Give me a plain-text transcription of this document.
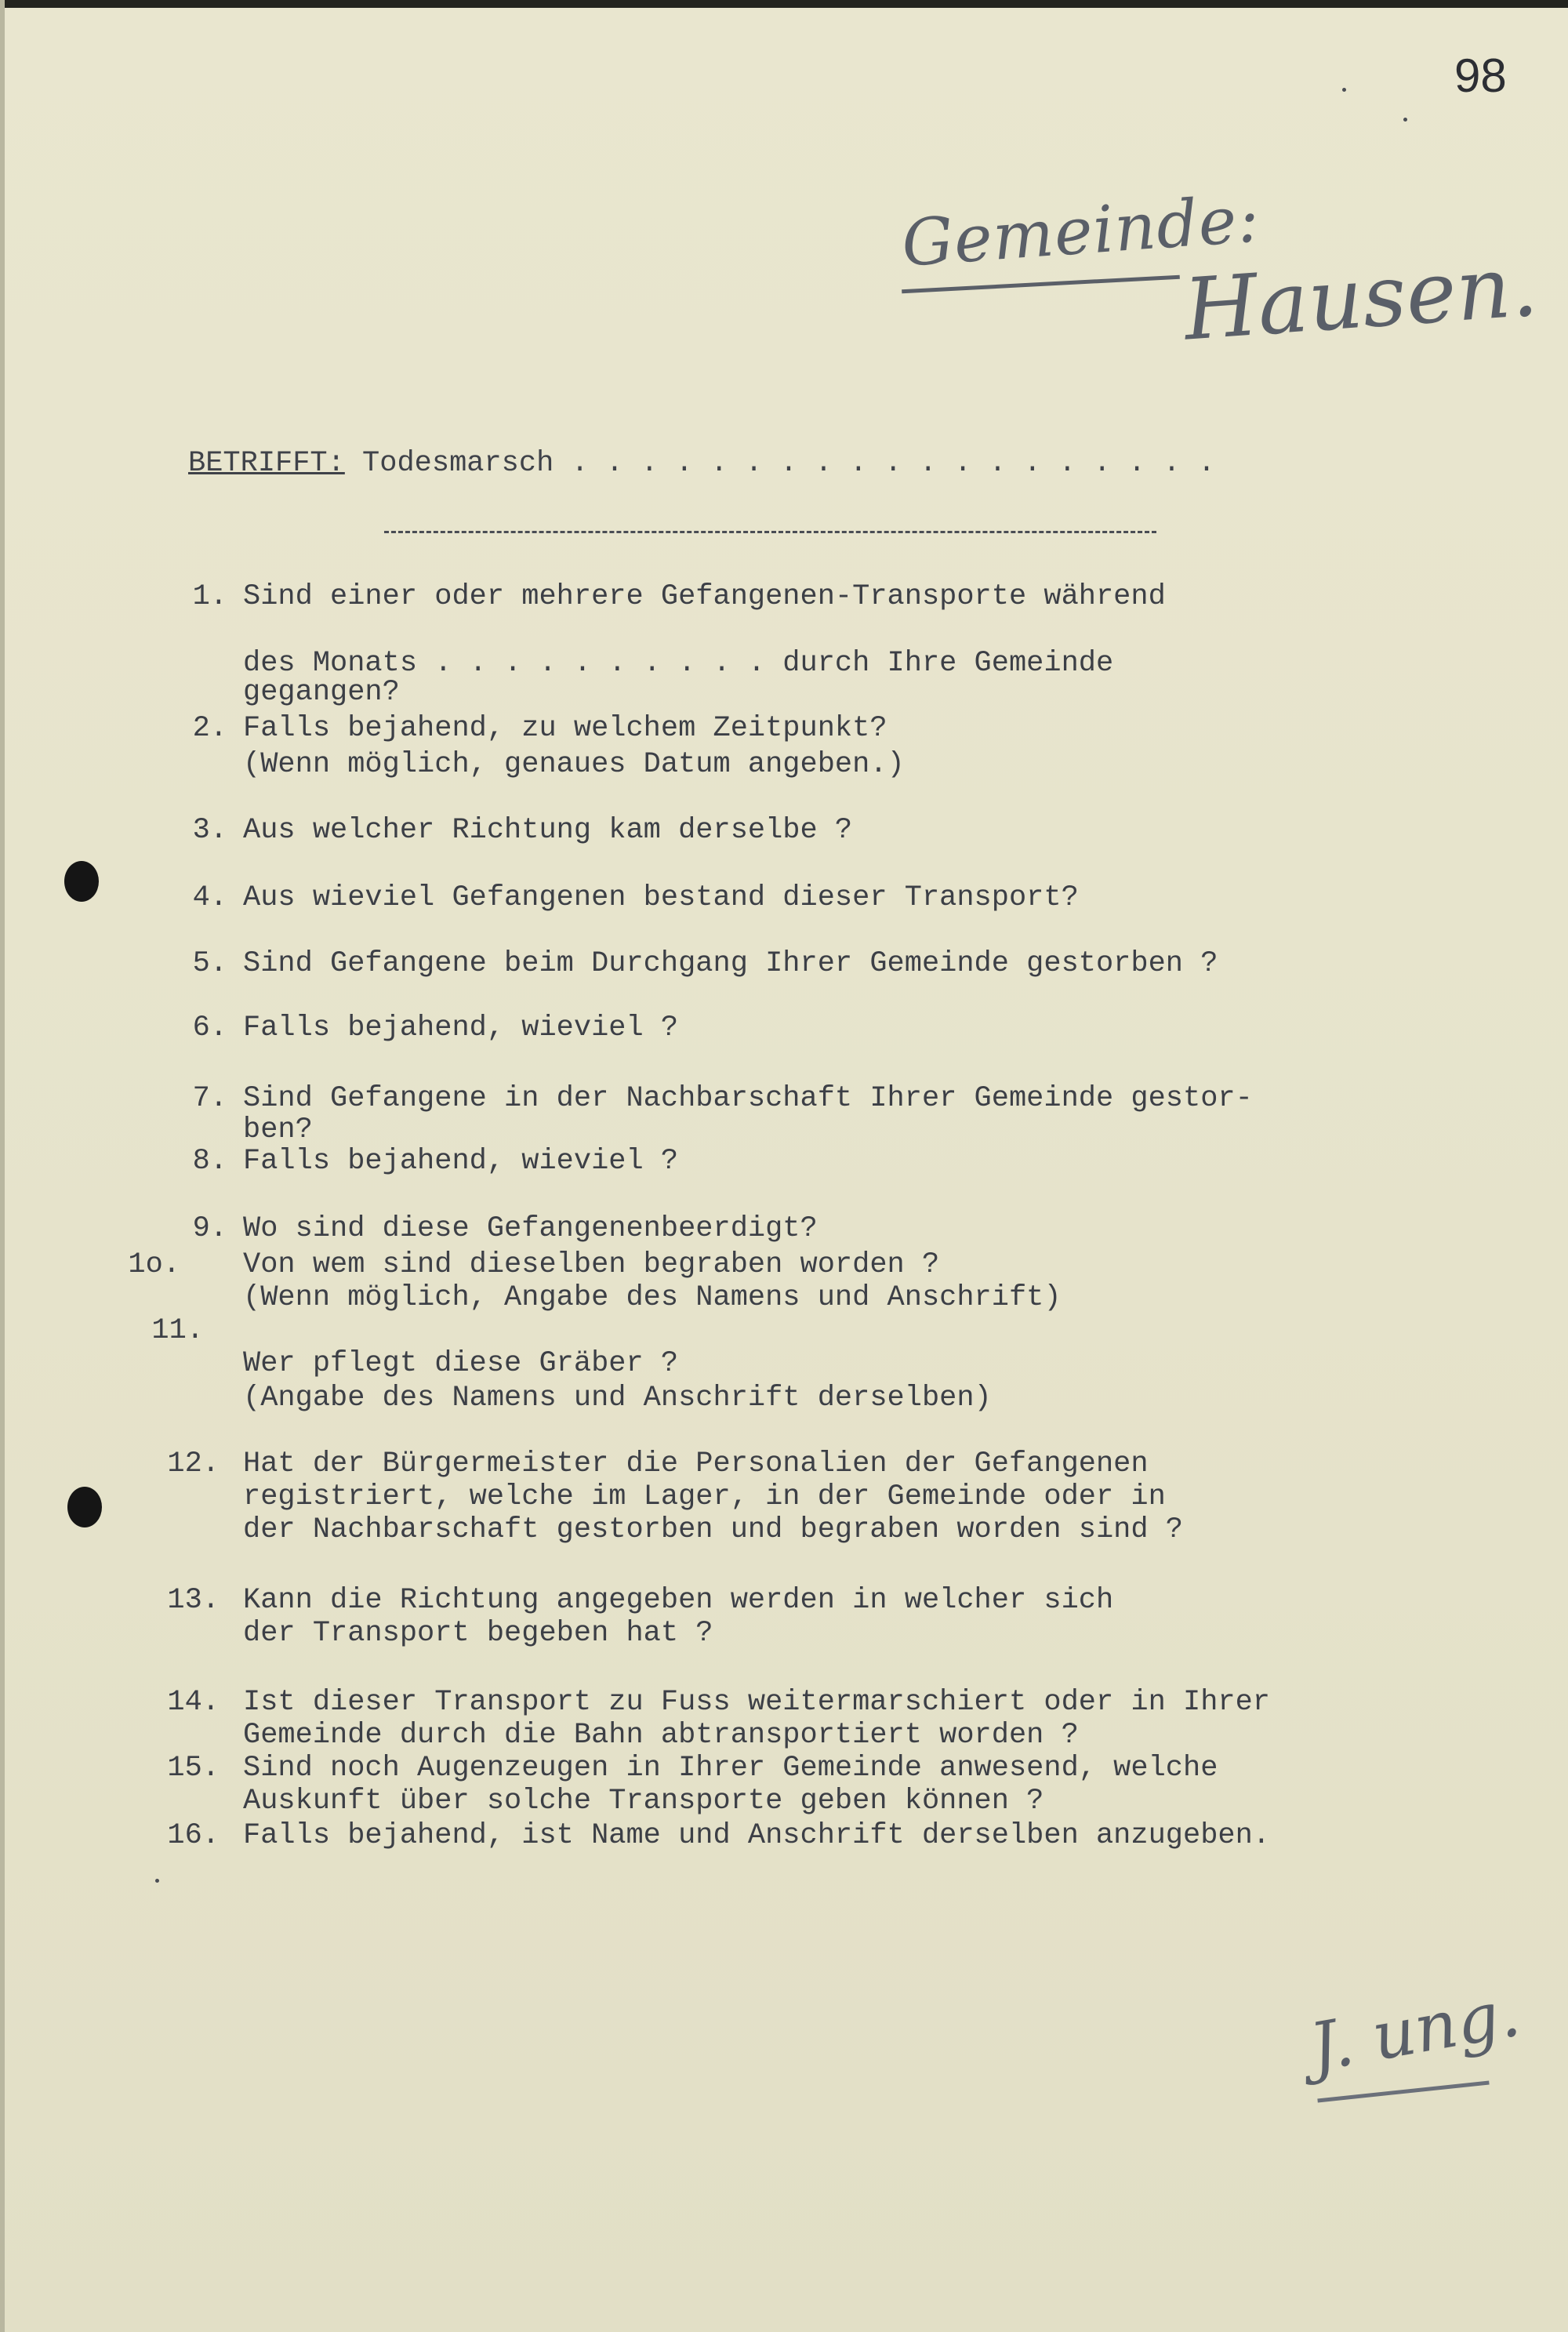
98
Gemeinde:
Hausen.
BETRIFFT: Todesmarsch . . . . . . . . . . . . . . . . . . .
1. Sind einer oder mehrere Gefangenen-Transporte während
des Monats . . . . . . . . . . durch Ihre Gemeinde
gegangen?
2. Falls bejahend, zu welchem Zeitpunkt?
(Wenn möglich, genaues Datum angeben.)
3. Aus welcher Richtung kam derselbe ?
4. Aus wieviel Gefangenen bestand dieser Transport?
5. Sind Gefangene beim Durchgang Ihrer Gemeinde gestorben ?
6. Falls bejahend, wieviel ?
7. Sind Gefangene in der Nachbarschaft Ihrer Gemeinde gestor-
ben?
8. Falls bejahend, wieviel ?
9. Wo sind diese Gefangenenbeerdigt?
1o. Von wem sind dieselben begraben worden ?
(Wenn möglich, Angabe des Namens und Anschrift)
11.
Wer pflegt diese Gräber ?
(Angabe des Namens und Anschrift derselben)
12. Hat der Bürgermeister die Personalien der Gefangenen
registriert, welche im Lager, in der Gemeinde oder in
der Nachbarschaft gestorben und begraben worden sind ?
13. Kann die Richtung angegeben werden in welcher sich
der Transport begeben hat ?
14. Ist dieser Transport zu Fuss weitermarschiert oder in Ihrer
Gemeinde durch die Bahn abtransportiert worden ?
15. Sind noch Augenzeugen in Ihrer Gemeinde anwesend, welche
Auskunft über solche Transporte geben können ?
16. Falls bejahend, ist Name und Anschrift derselben anzugeben.
J. ung.
